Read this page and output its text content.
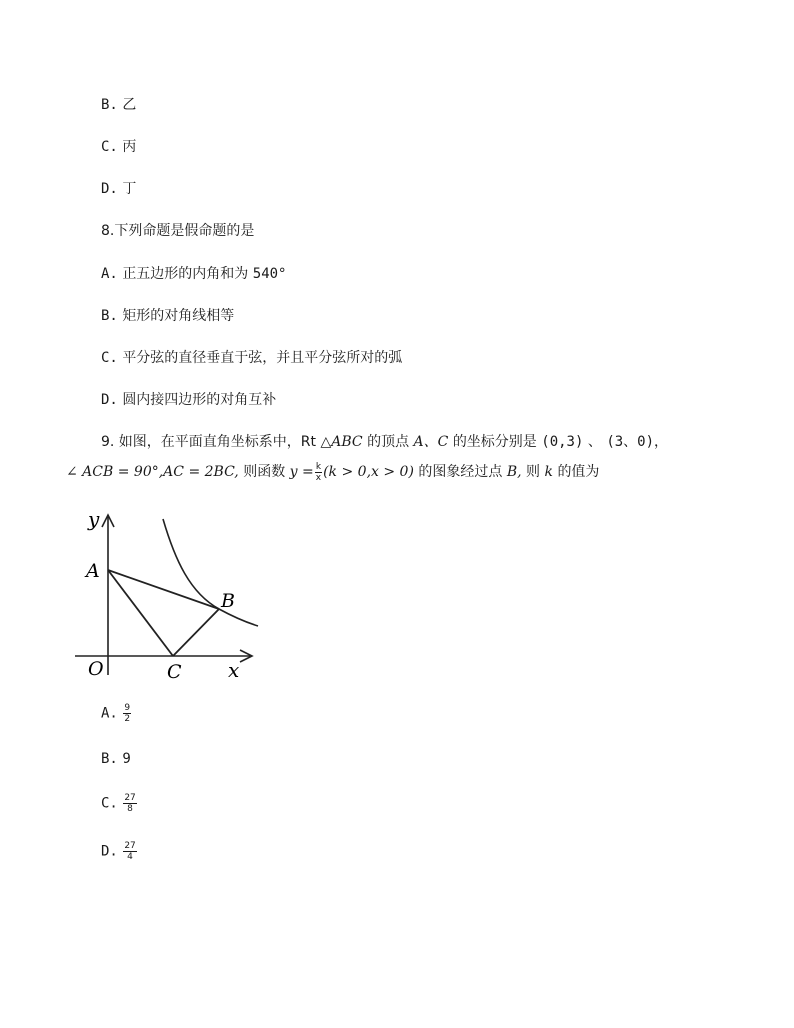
B. 乙
C. 丙
D. 丁
8.下列命题是假命题的是
A. 正五边形的内角和为 540°
B. 矩形的对角线相等
C. 平分弦的直径垂直于弦，并且平分弦所对的弧
D. 圆内接四边形的对角互补
9. 如图，在平面直角坐标系中，Rt △ABC 的顶点 A、C 的坐标分别是 (0,3) 、 (3、0)，
∠ ACB = 90°,AC = 2BC, 则函数 $y = \frac{k}{x} (k > 0,x > 0)$ 的图象经过点 B, 则 k 的值为
y
A
B
C
O	x
A. $\frac{9}{2}$
B. 9
C. $\frac{27}{8}$
D. $\frac{27}{4}$
